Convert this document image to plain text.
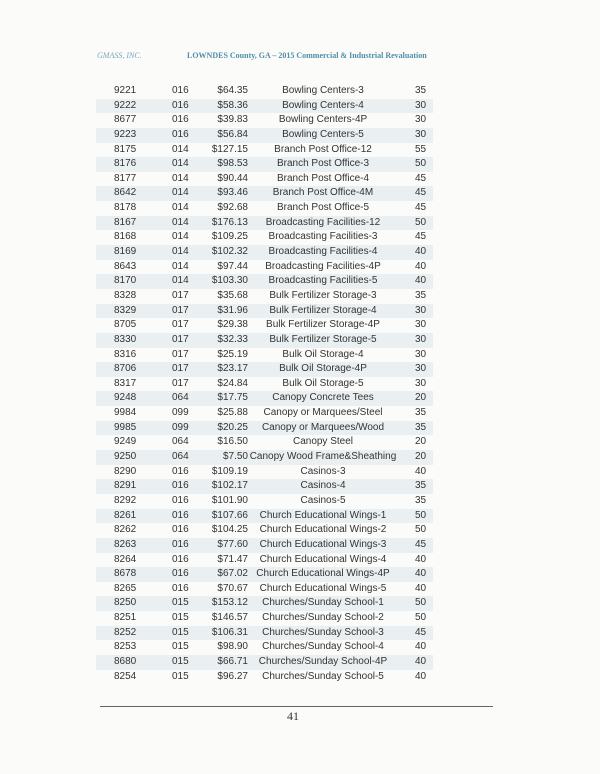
GMASS, INC.	LOWNDES County, GA – 2015 Commercial & Industrial Revaluation
9221	016	$64.35	Bowling Centers-3	35
9222	016	$58.36	Bowling Centers-4	30
8677	016	$39.83	Bowling Centers-4P	30
9223	016	$56.84	Bowling Centers-5	30
8175	014 $127.15	Branch Post Office-12	55
8176	014	$98.53	Branch Post Office-3	50
8177	014	$90.44	Branch Post Office-4	45
8642	014	$93.46	Branch Post Office-4M	45
8178	014	$92.68	Branch Post Office-5	45
8167	014 $176.13	Broadcasting Facilities-12	50
8168	014 $109.25	Broadcasting Facilities-3	45
8169	014 $102.32	Broadcasting Facilities-4	40
8643	014	$97.44	Broadcasting Facilities-4P	40
8170	014 $103.30	Broadcasting Facilities-5	40
8328	017	$35.68	Bulk Fertilizer Storage-3	35
8329	017	$31.96	Bulk Fertilizer Storage-4	30
8705	017	$29.38	Bulk Fertilizer Storage-4P	30
8330	017	$32.33	Bulk Fertilizer Storage-5	30
8316	017	$25.19	Bulk Oil Storage-4	30
8706	017	$23.17	Bulk Oil Storage-4P	30
8317	017	$24.84	Bulk Oil Storage-5	30
9248	064	$17.75	Canopy Concrete Tees	20
9984	099	$25.88	Canopy or Marquees/Steel	35
9985	099	$20.25	Canopy or Marquees/Wood	35
9249	064	$16.50	Canopy Steel	20
9250	064	$7.50 Canopy Wood Frame&Sheathing 20
8290	016 $109.19	Casinos-3	40
8291	016 $102.17	Casinos-4	35
8292	016 $101.90	Casinos-5	35
8261	016 $107.66	Church Educational Wings-1	50
8262	016 $104.25	Church Educational Wings-2	50
8263	016	$77.60	Church Educational Wings-3	45
8264	016	$71.47	Church Educational Wings-4	40
8678	016	$67.02 Church Educational Wings-4P	40
8265	016	$70.67	Church Educational Wings-5	40
8250	015 $153.12	Churches/Sunday School-1	50
8251	015 $146.57	Churches/Sunday School-2	50
8252	015 $106.31	Churches/Sunday School-3	45
8253	015	$98.90	Churches/Sunday School-4	40
8680	015	$66.71	Churches/Sunday School-4P	40
8254	015	$96.27	Churches/Sunday School-5	40
41
